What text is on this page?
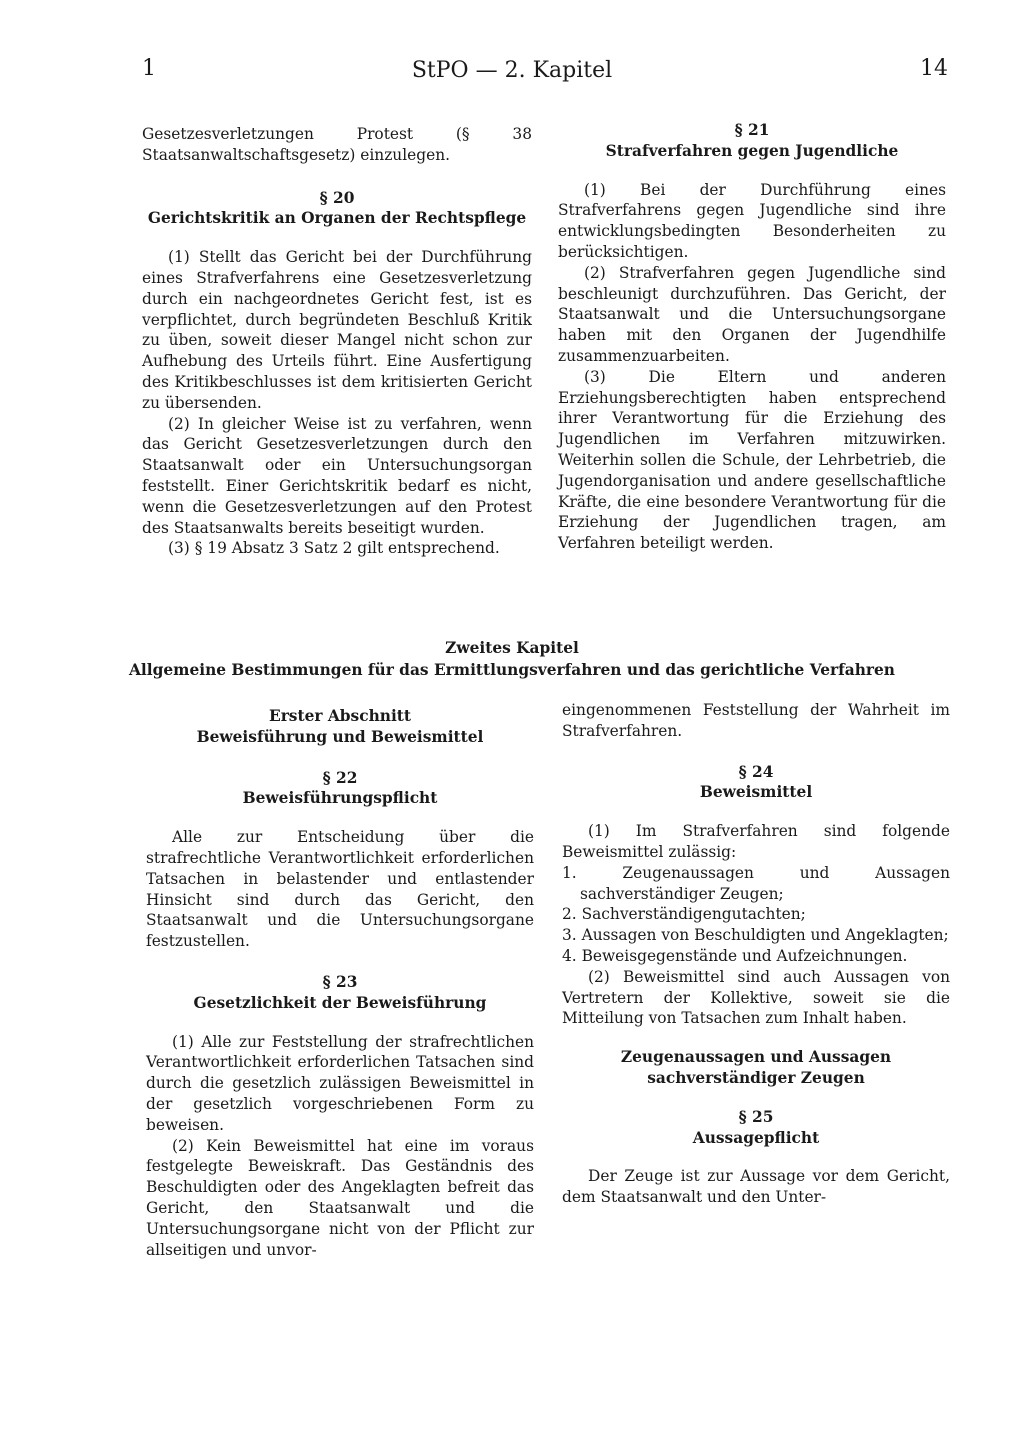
1	StPO — 2. Kapitel	14

Gesetzesverletzungen Protest (§ 38 Staatsanwaltschaftsgesetz) einzulegen.

§ 20

Gerichtskritik an Organen der Rechtspflege

(1) Stellt das Gericht bei der Durchführung eines Strafverfahrens eine Gesetzesverletzung durch ein nachgeordnetes Gericht fest, ist es verpflichtet, durch begründeten Beschluß Kritik zu üben, soweit dieser Mangel nicht schon zur Aufhebung des Urteils führt. Eine Ausfertigung des Kritikbeschlusses ist dem kritisierten Gericht zu übersenden.

(2) In gleicher Weise ist zu verfahren, wenn das Gericht Gesetzesverletzungen durch den Staatsanwalt oder ein Untersuchungsorgan feststellt. Einer Gerichtskritik bedarf es nicht, wenn die Gesetzesverletzungen auf den Protest des Staatsanwalts bereits beseitigt wurden.

(3) § 19 Absatz 3 Satz 2 gilt entsprechend.

§ 21

Strafverfahren gegen Jugendliche

(1) Bei der Durchführung eines Strafverfahrens gegen Jugendliche sind ihre entwicklungsbedingten Besonderheiten zu berücksichtigen.

(2) Strafverfahren gegen Jugendliche sind beschleunigt durchzuführen. Das Gericht, der Staatsanwalt und die Untersuchungsorgane haben mit den Organen der Jugendhilfe zusammenzuarbeiten.

(3) Die Eltern und anderen Erziehungsberechtigten haben entsprechend ihrer Verantwortung für die Erziehung des Jugendlichen im Verfahren mitzuwirken. Weiterhin sollen die Schule, der Lehrbetrieb, die Jugendorganisation und andere gesellschaftliche Kräfte, die eine besondere Verantwortung für die Erziehung der Jugendlichen tragen, am Verfahren beteiligt werden.

Zweites Kapitel
Allgemeine Bestimmungen für das Ermittlungsverfahren und das gerichtliche Verfahren

Erster Abschnitt

Beweisführung und Beweismittel

§ 22

Beweisführungspflicht

Alle zur Entscheidung über die strafrechtliche Verantwortlichkeit erforderlichen Tatsachen in belastender und entlastender Hinsicht sind durch das Gericht, den Staatsanwalt und die Untersuchungsorgane festzustellen.

§ 23

Gesetzlichkeit der Beweisführung

(1) Alle zur Feststellung der strafrechtlichen Verantwortlichkeit erforderlichen Tatsachen sind durch die gesetzlich zulässigen Beweismittel in der gesetzlich vorgeschriebenen Form zu beweisen.

(2) Kein Beweismittel hat eine im voraus festgelegte Beweiskraft. Das Geständnis des Beschuldigten oder des Angeklagten befreit das Gericht, den Staatsanwalt und die Untersuchungsorgane nicht von der Pflicht zur allseitigen und unvor-

eingenommenen Feststellung der Wahrheit im Strafverfahren.

§ 24

Beweismittel

(1) Im Strafverfahren sind folgende Beweismittel zulässig:

1. Zeugenaussagen und Aussagen sachverständiger Zeugen;

2. Sachverständigengutachten;

3. Aussagen von Beschuldigten und Angeklagten;

4. Beweisgegenstände und Aufzeichnungen.

(2) Beweismittel sind auch Aussagen von Vertretern der Kollektive, soweit sie die Mitteilung von Tatsachen zum Inhalt haben.

Zeugenaussagen und Aussagen

sachverständiger Zeugen

§ 25

Aussagepflicht

Der Zeuge ist zur Aussage vor dem Gericht, dem Staatsanwalt und den Unter-
